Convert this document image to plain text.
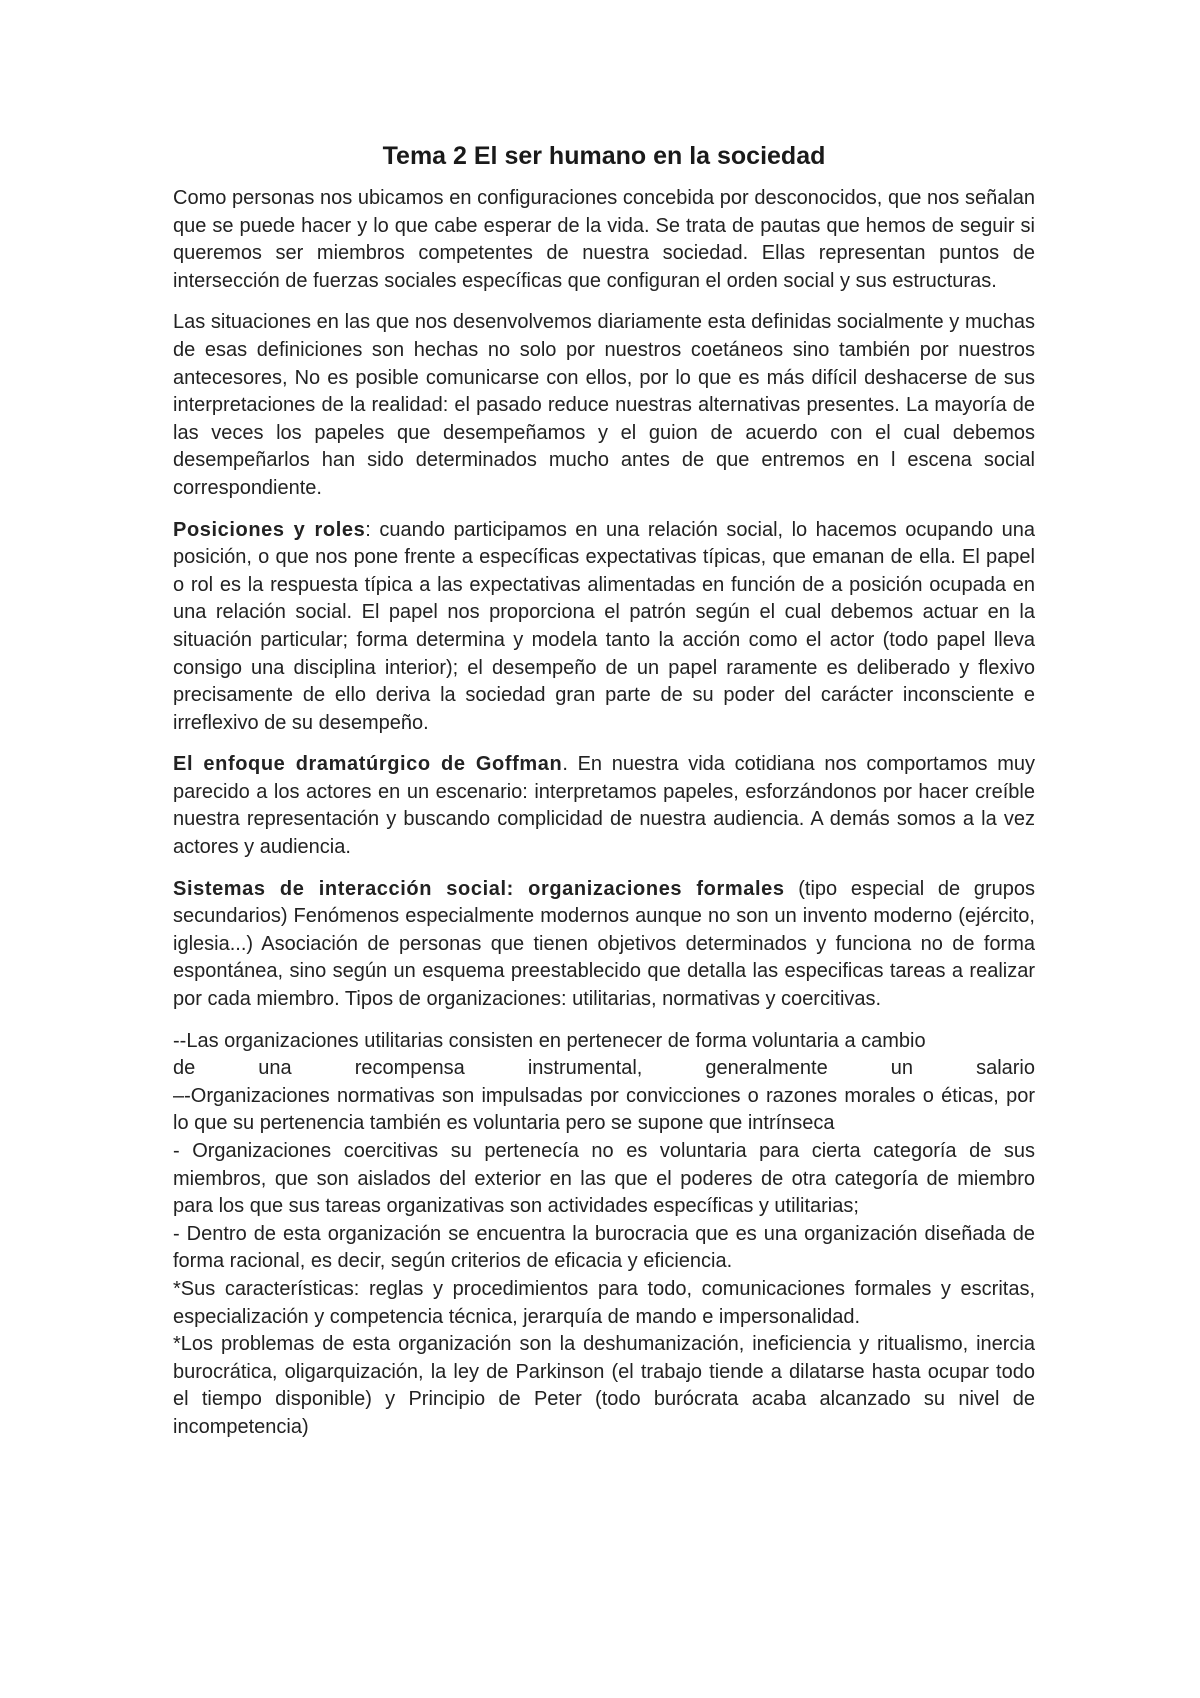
Tema 2 El ser humano en la sociedad

Como personas nos ubicamos en configuraciones concebida por desconocidos, que nos señalan que se puede hacer y lo que cabe esperar de la vida. Se trata de pautas que hemos de seguir si queremos ser miembros competentes de nuestra sociedad. Ellas representan puntos de intersección de fuerzas sociales específicas que configuran el orden social y sus estructuras.

Las situaciones en las que nos desenvolvemos diariamente esta definidas socialmente y muchas de esas definiciones son hechas no solo por nuestros coetáneos sino también por nuestros antecesores, No es posible comunicarse con ellos, por lo que es más difícil deshacerse de sus interpretaciones de la realidad: el pasado reduce nuestras alternativas presentes. La mayoría de las veces los papeles que desempeñamos y el guion de acuerdo con el cual debemos desempeñarlos han sido determinados mucho antes de que entremos en l escena social correspondiente.

Posiciones y roles: cuando participamos en una relación social, lo hacemos ocupando una posición, o que nos pone frente a específicas expectativas típicas, que emanan de ella. El papel o rol es la respuesta típica a las expectativas alimentadas en función de a posición ocupada en una relación social. El papel nos proporciona el patrón según el cual debemos actuar en la situación particular; forma determina y modela tanto la acción como el actor (todo papel lleva consigo una disciplina interior); el desempeño de un papel raramente es deliberado y flexivo precisamente de ello deriva la sociedad gran parte de su poder del carácter inconsciente e irreflexivo de su desempeño.

El enfoque dramatúrgico de Goffman. En nuestra vida cotidiana nos comportamos muy parecido a los actores en un escenario: interpretamos papeles, esforzándonos por hacer creíble nuestra representación y buscando complicidad de nuestra audiencia. A demás somos a la vez actores y audiencia.

Sistemas de interacción social: organizaciones formales (tipo especial de grupos secundarios) Fenómenos especialmente modernos aunque no son un invento moderno (ejército, iglesia...) Asociación de personas que tienen objetivos determinados y funciona no de forma espontánea, sino según un esquema preestablecido que detalla las especificas tareas a realizar por cada miembro. Tipos de organizaciones: utilitarias, normativas y coercitivas.

--Las organizaciones utilitarias consisten en pertenecer de forma voluntaria a cambio
de una recompensa instrumental, generalmente un salario
–-Organizaciones normativas son impulsadas por convicciones o razones morales o éticas, por lo que su pertenencia también es voluntaria pero se supone que intrínseca
- Organizaciones coercitivas su pertenecía no es voluntaria para cierta categoría de sus miembros, que son aislados del exterior en las que el poderes de otra categoría de miembro para los que sus tareas organizativas son actividades específicas y utilitarias;
- Dentro de esta organización se encuentra la burocracia que es una organización diseñada de forma racional, es decir, según criterios de eficacia y eficiencia.
*Sus características: reglas y procedimientos para todo, comunicaciones formales y escritas, especialización y competencia técnica, jerarquía de mando e impersonalidad.
*Los problemas de esta organización son la deshumanización, ineficiencia y ritualismo, inercia burocrática, oligarquización, la ley de Parkinson (el trabajo tiende a dilatarse hasta ocupar todo el tiempo disponible) y Principio de Peter (todo burócrata acaba alcanzado su nivel de incompetencia)
